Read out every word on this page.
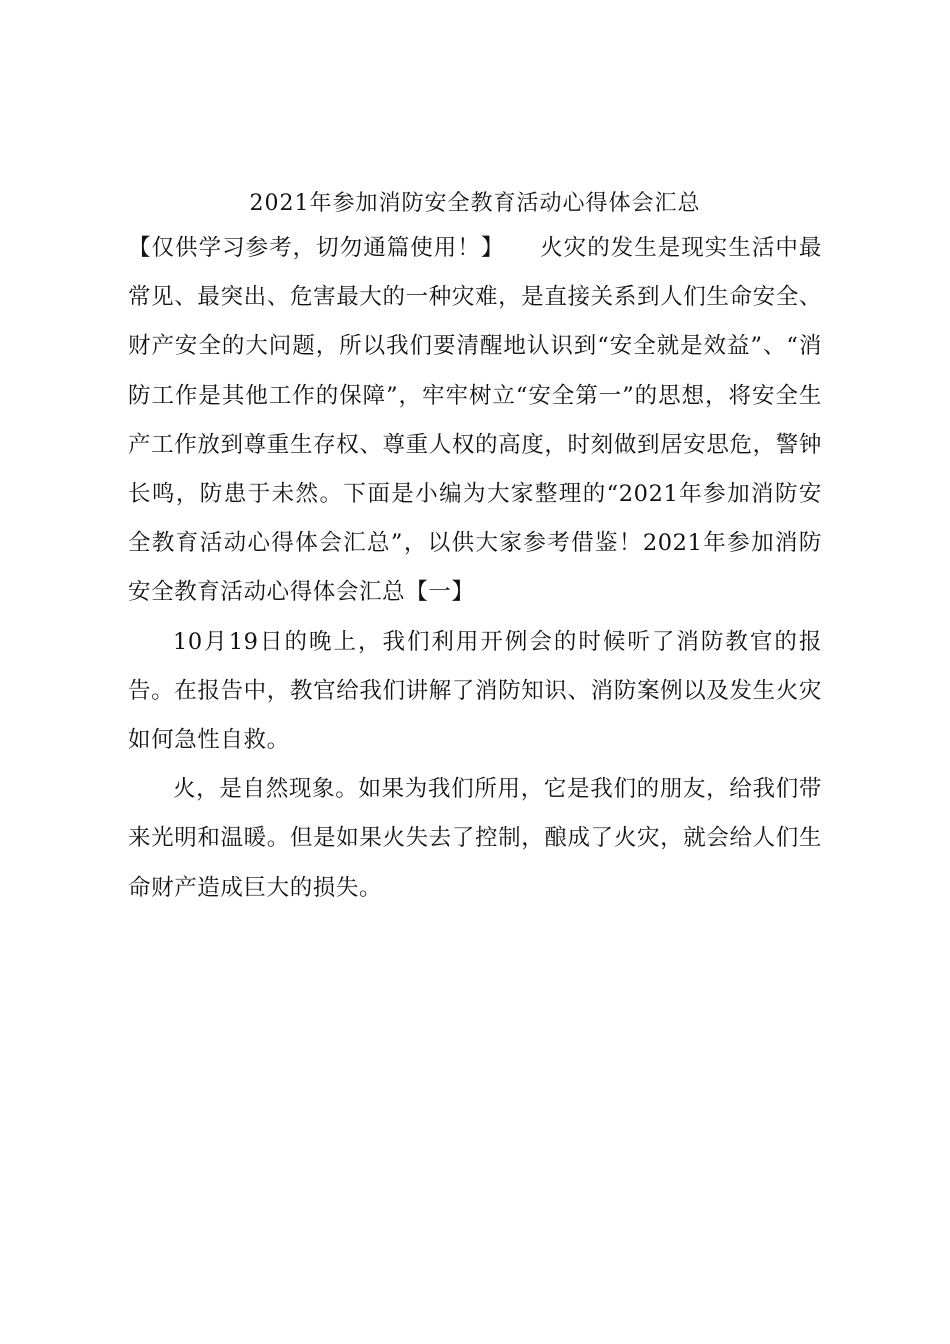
2021年参加消防安全教育活动心得体会汇总

【仅供学习参考，切勿通篇使用！】　　火灾的发生是现实生活中最常见、最突出、危害最大的一种灾难，是直接关系到人们生命安全、财产安全的大问题，所以我们要清醒地认识到“安全就是效益”、“消防工作是其他工作的保障”，牢牢树立“安全第一”的思想，将安全生产工作放到尊重生存权、尊重人权的高度，时刻做到居安思危，警钟长鸣，防患于未然。下面是小编为大家整理的“2021年参加消防安全教育活动心得体会汇总”，以供大家参考借鉴！2021年参加消防安全教育活动心得体会汇总【一】

10月19日的晚上，我们利用开例会的时候听了消防教官的报告。在报告中，教官给我们讲解了消防知识、消防案例以及发生火灾如何急性自救。

火，是自然现象。如果为我们所用，它是我们的朋友，给我们带来光明和温暖。但是如果火失去了控制，酿成了火灾，就会给人们生命财产造成巨大的损失。
